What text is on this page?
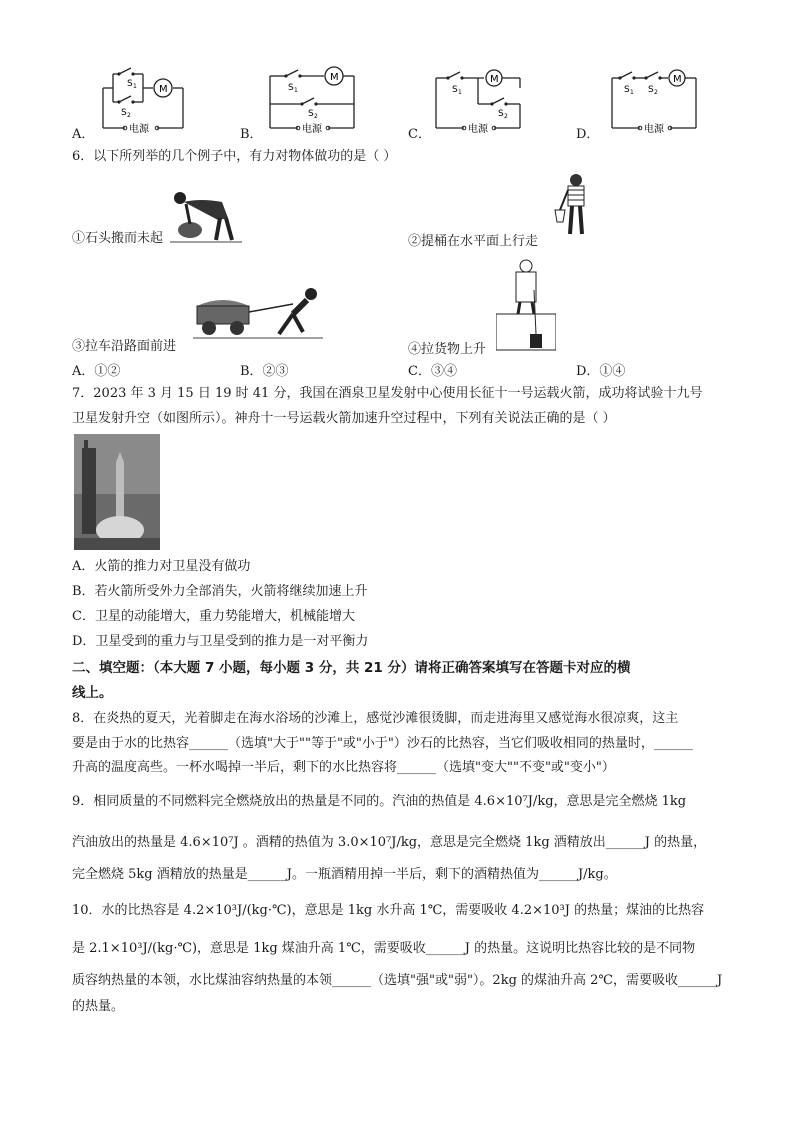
A．
M
S 1
S 2
电源	B．
M
S 1
S 2
电源	C．
M
S 1
S 2
电源	D．
M
S 1 S 2
电源
6．以下所列举的几个例子中，有力对物体做功的是（ ）
①石头搬而未起	②提桶在水平面上行走
③拉车沿路面前进	④拉货物上升
A．①②	B．②③	C．③④	D．①④
7．2023 年 3 月 15 日 19 时 41 分，我国在酒泉卫星发射中心使用长征十一号运载火箭，成功将试验十九号
卫星发射升空（如图所示）。神舟十一号运载火箭加速升空过程中，下列有关说法正确的是（ ）
A．火箭的推力对卫星没有做功
B．若火箭所受外力全部消失，火箭将继续加速上升
C．卫星的动能增大，重力势能增大，机械能增大
D．卫星受到的重力与卫星受到的推力是一对平衡力
二、填空题：（本大题 7 小题，每小题 3 分，共 21 分）请将正确答案填写在答题卡对应的横
线上。
8．在炎热的夏天，光着脚走在海水浴场的沙滩上，感觉沙滩很烫脚，而走进海里又感觉海水很凉爽，这主
要是由于水的比热容______（选填"大于""等于"或"小于"）沙石的比热容，当它们吸收相同的热量时，______
升高的温度高些。一杯水喝掉一半后，剩下的水比热容将______（选填"变大""不变"或"变小"）
9．相同质量的不同燃料完全燃烧放出的热量是不同的。汽油的热值是 4.6×10⁷J/kg，意思是完全燃烧 1kg
汽油放出的热量是 4.6×10⁷J 。酒精的热值为 3.0×10⁷J/kg，意思是完全燃烧 1kg 酒精放出______J 的热量，
完全燃烧 5kg 酒精放的热量是______J。一瓶酒精用掉一半后，剩下的酒精热值为______J/kg。
10．水的比热容是 4.2×10³J/(kg·℃)，意思是 1kg 水升高 1℃，需要吸收 4.2×10³J 的热量；煤油的比热容
是 2.1×10³J/(kg·℃)，意思是 1kg 煤油升高 1℃，需要吸收______J 的热量。这说明比热容比较的是不同物
质容纳热量的本领，水比煤油容纳热量的本领______（选填"强"或"弱"）。2kg 的煤油升高 2℃，需要吸收______J
的热量。
